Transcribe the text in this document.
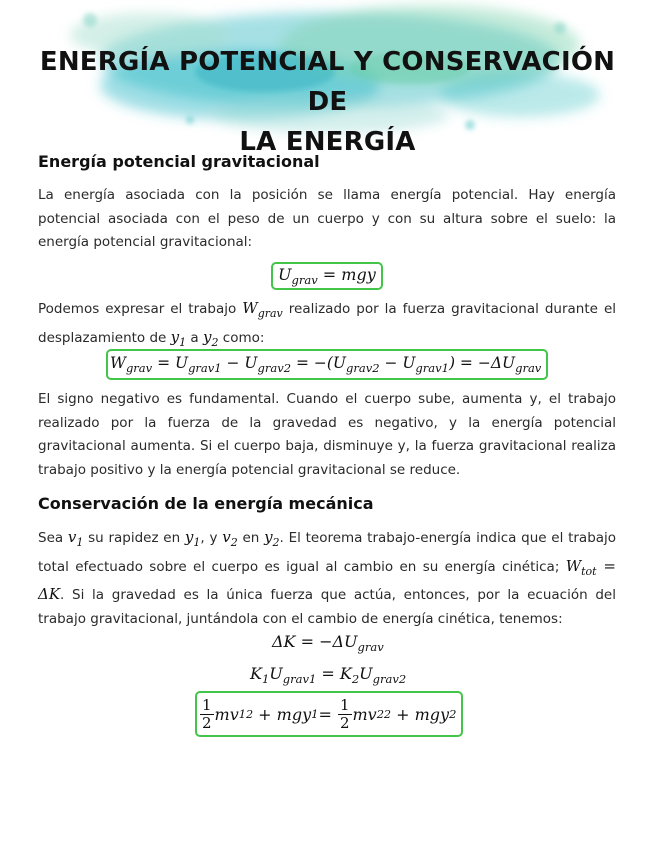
ENERGÍA POTENCIAL Y CONSERVACIÓN DE
LA ENERGÍA
Energía potencial gravitacional
La energía asociada con la posición se llama energía potencial. Hay energía potencial asociada con el peso de un cuerpo y con su altura sobre el suelo: la energía potencial gravitacional:
$U_{grav}$ = mgy
Podemos expresar el trabajo $W_{grav}$ realizado por la fuerza gravitacional durante el desplazamiento de $y_1$ a $y_2$ como:
$W_{grav} = U_{grav1} - U_{grav2} = -(U_{grav2} - U_{grav1}) = -\Delta U_{grav}$
El signo negativo es fundamental. Cuando el cuerpo sube, aumenta y, el trabajo realizado por la fuerza de la gravedad es negativo, y la energía potencial gravitacional aumenta. Si el cuerpo baja, disminuye y, la fuerza gravitacional realiza trabajo positivo y la energía potencial gravitacional se reduce.
Conservación de la energía mecánica
Sea $v_1$ su rapidez en $y_1$, y $v_2$ en $y_2$. El teorema trabajo-energía indica que el trabajo total efectuado sobre el cuerpo es igual al cambio en su energía cinética; $W_{tot} = \Delta K$. Si la gravedad es la única fuerza que actúa, entonces, por la ecuación del trabajo gravitacional, juntándola con el cambio de energía cinética, tenemos:
$\Delta K = -\Delta U_{grav}$
$K_1U_{grav1} = K_2U_{grav2}$
$\frac{1}{2}$ mv 1 2 + mgy $1 = \frac{1}{2}$ mv 2 2 + mgy 2
